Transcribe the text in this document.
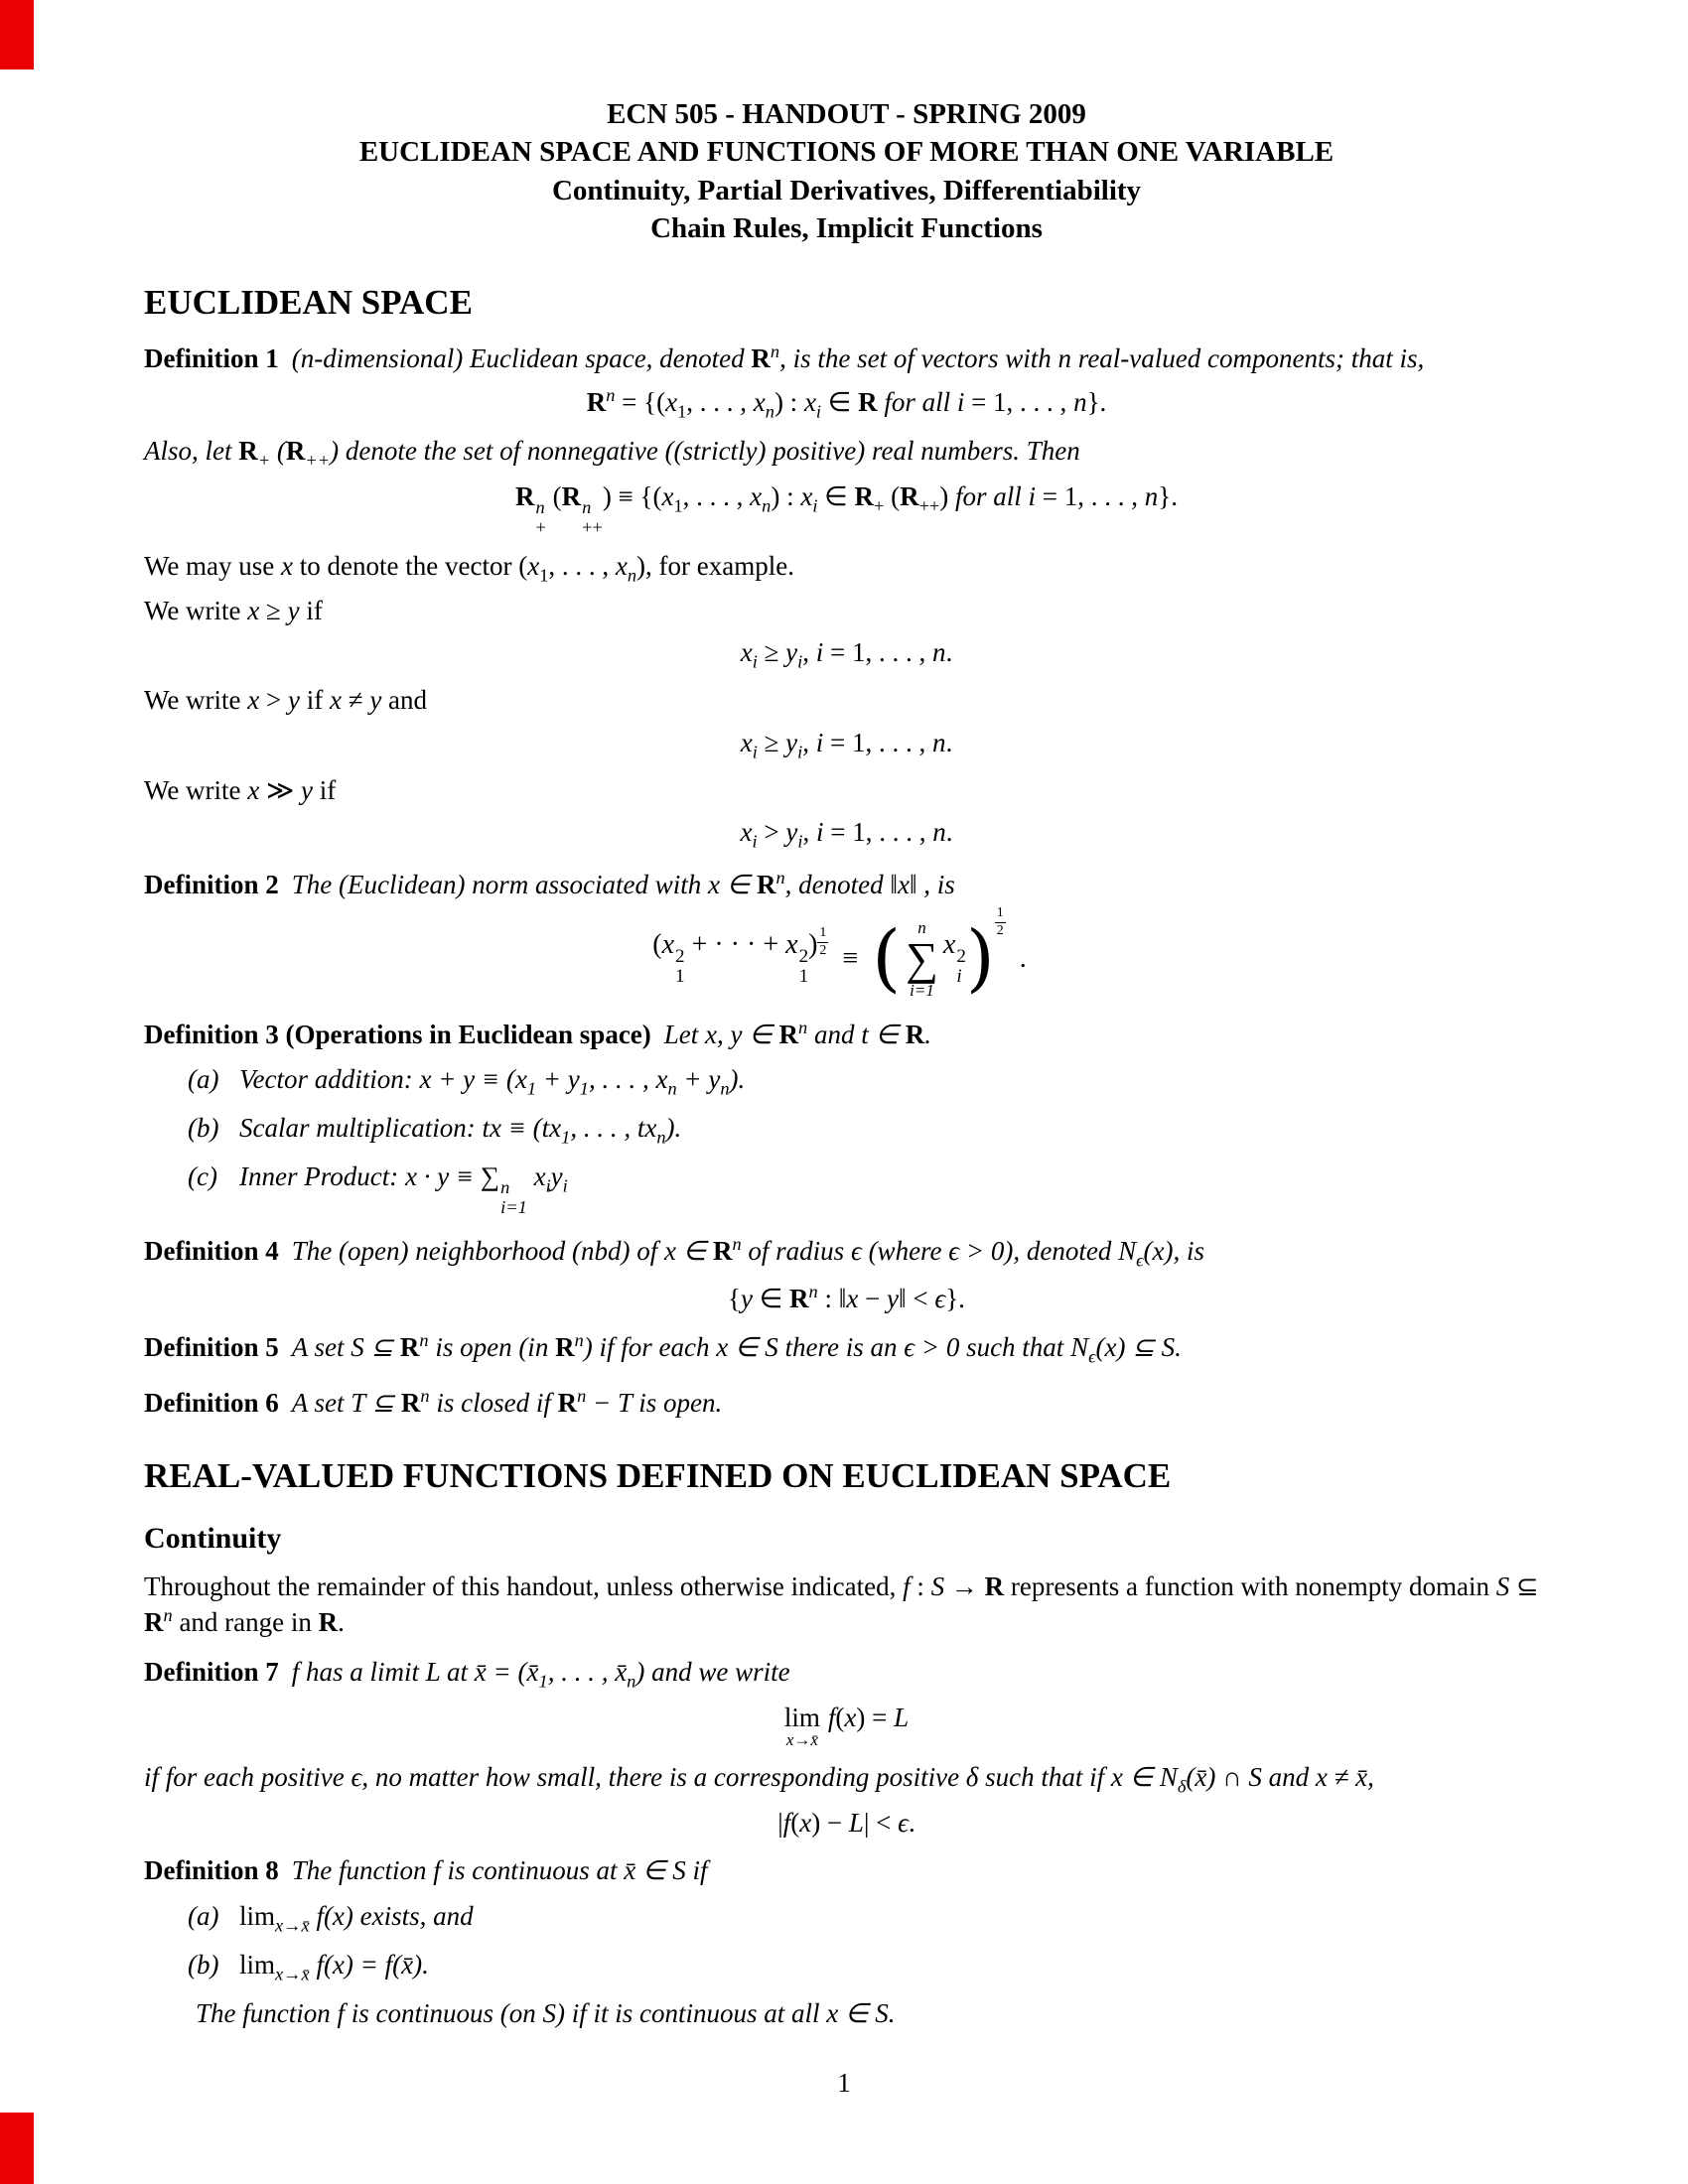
ECN 505 - HANDOUT - SPRING 2009
EUCLIDEAN SPACE AND FUNCTIONS OF MORE THAN ONE VARIABLE
Continuity, Partial Derivatives, Differentiability
Chain Rules, Implicit Functions
EUCLIDEAN SPACE

Definition 1 (n-dimensional) Euclidean space, denoted $R^n$, is the set of vectors with n real-valued components; that is,

$R^n = \{(x_1$, . . . , $x_n$) : $x_i$ ∈ R for all i = 1, . . . , n}.

Also, let $R_+$ $(R_{++})$ denote the set of nonnegative ((strictly) positive) real numbers. Then

R n
+
(R n
++
) ≡ {($x_1$, . . . , $x_n$) : $x_i$ ∈ $R_+$ $(R_{++})$ for all i = 1, . . . , n}.

We may use x to denote the vector ($x_1$, . . . , $x_n$), for example.

We write x ≥ y if

$x_i \ge y_i$, i = 1, . . . , n.

We write x > y if x ≠ y and

$x_i \ge y_i$, i = 1, . . . , n.

We write x ≫ y if

$x_i > y_i$, i = 1, . . . , n.

Definition 2 The (Euclidean) norm associated with x ∈ $R^n$, denoted ‖x‖ , is

(x 2
1
+ · · · + x 2
1
) 1
2 ≡ ( n
∑
i=1
x 2
i )
1
2
.

Definition 3 (Operations in Euclidean space) Let x, y ∈ $R^n$ and t ∈ R.

(a) Vector addition: $x + y \equiv (x_1 + y_1$, . . . , $x_n + y_n$).
(b) Scalar multiplication: tx ≡ ($tx_1$, . . . , $tx_n$).
(c) Inner Product: x · y ≡ ∑ n
i=1
$x_iy_i$

Definition 4 The (open) neighborhood (nbd) of x ∈ $R^n$ of radius ϵ (where ϵ > 0), denoted $N_\epsilon(x)$, is

{y ∈ $R^n$ : ‖x − y‖ < ϵ}.

Definition 5 A set S ⊆ $R^n$ is open (in $R^n$) if for each x ∈ S there is an ϵ > 0 such that $N_\epsilon(x)$ ⊆ S.

Definition 6 A set T ⊆ $R^n$ is closed if $R^n - T$ is open.

REAL-VALUED FUNCTIONS DEFINED ON EUCLIDEAN SPACE
Continuity

Throughout the remainder of this handout, unless otherwise indicated, f : S → R represents a function with nonempty domain S ⊆ $R^n$ and range in R.

Definition 7 f has a limit L at x̄ = ($x̄_1$, . . . , $x̄_n$) and we write

lim
x→x̄
f(x) = L

if for each positive ϵ, no matter how small, there is a corresponding positive δ such that if x ∈ $N_\delta(x̄)$ ∩ S and x ≠ x̄,

|f(x) − L| < ϵ.

Definition 8 The function f is continuous at x̄ ∈ S if

(a) $\lim_{x\to x̄} f(x)$ exists, and
(b) $\lim_{x\to x̄} f(x)$ = f(x̄).

The function f is continuous (on S) if it is continuous at all x ∈ S.

1
